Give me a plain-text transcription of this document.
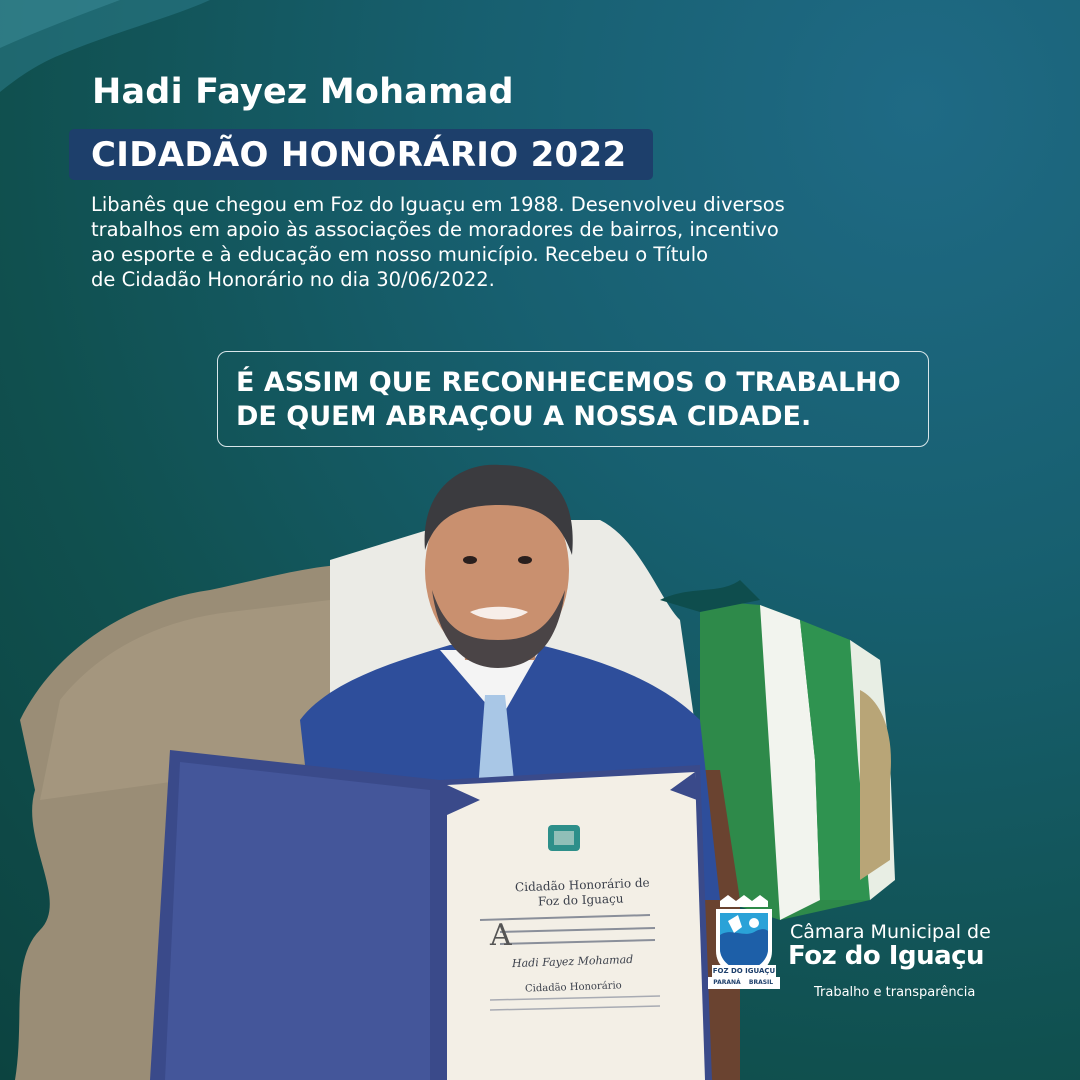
A
Cidadão Honorário de
Foz do Iguaçu
Hadi Fayez Mohamad
Cidadão Honorário
Hadi Fayez Mohamad
CIDADÃO HONORÁRIO 2022
Libanês que chegou em Foz do Iguaçu em 1988. Desenvolveu diversos
trabalhos em apoio às associações de moradores de bairros, incentivo
ao esporte e à educação em nosso município. Recebeu o Título
de Cidadão Honorário no dia 30/06/2022.
É ASSIM QUE RECONHECEMOS O TRABALHO
DE QUEM ABRAÇOU A NOSSA CIDADE.
FOZ DO IGUAÇU
PARANÁ	BRASIL
Câmara Municipal de
Foz do Iguaçu
Trabalho e transparência
